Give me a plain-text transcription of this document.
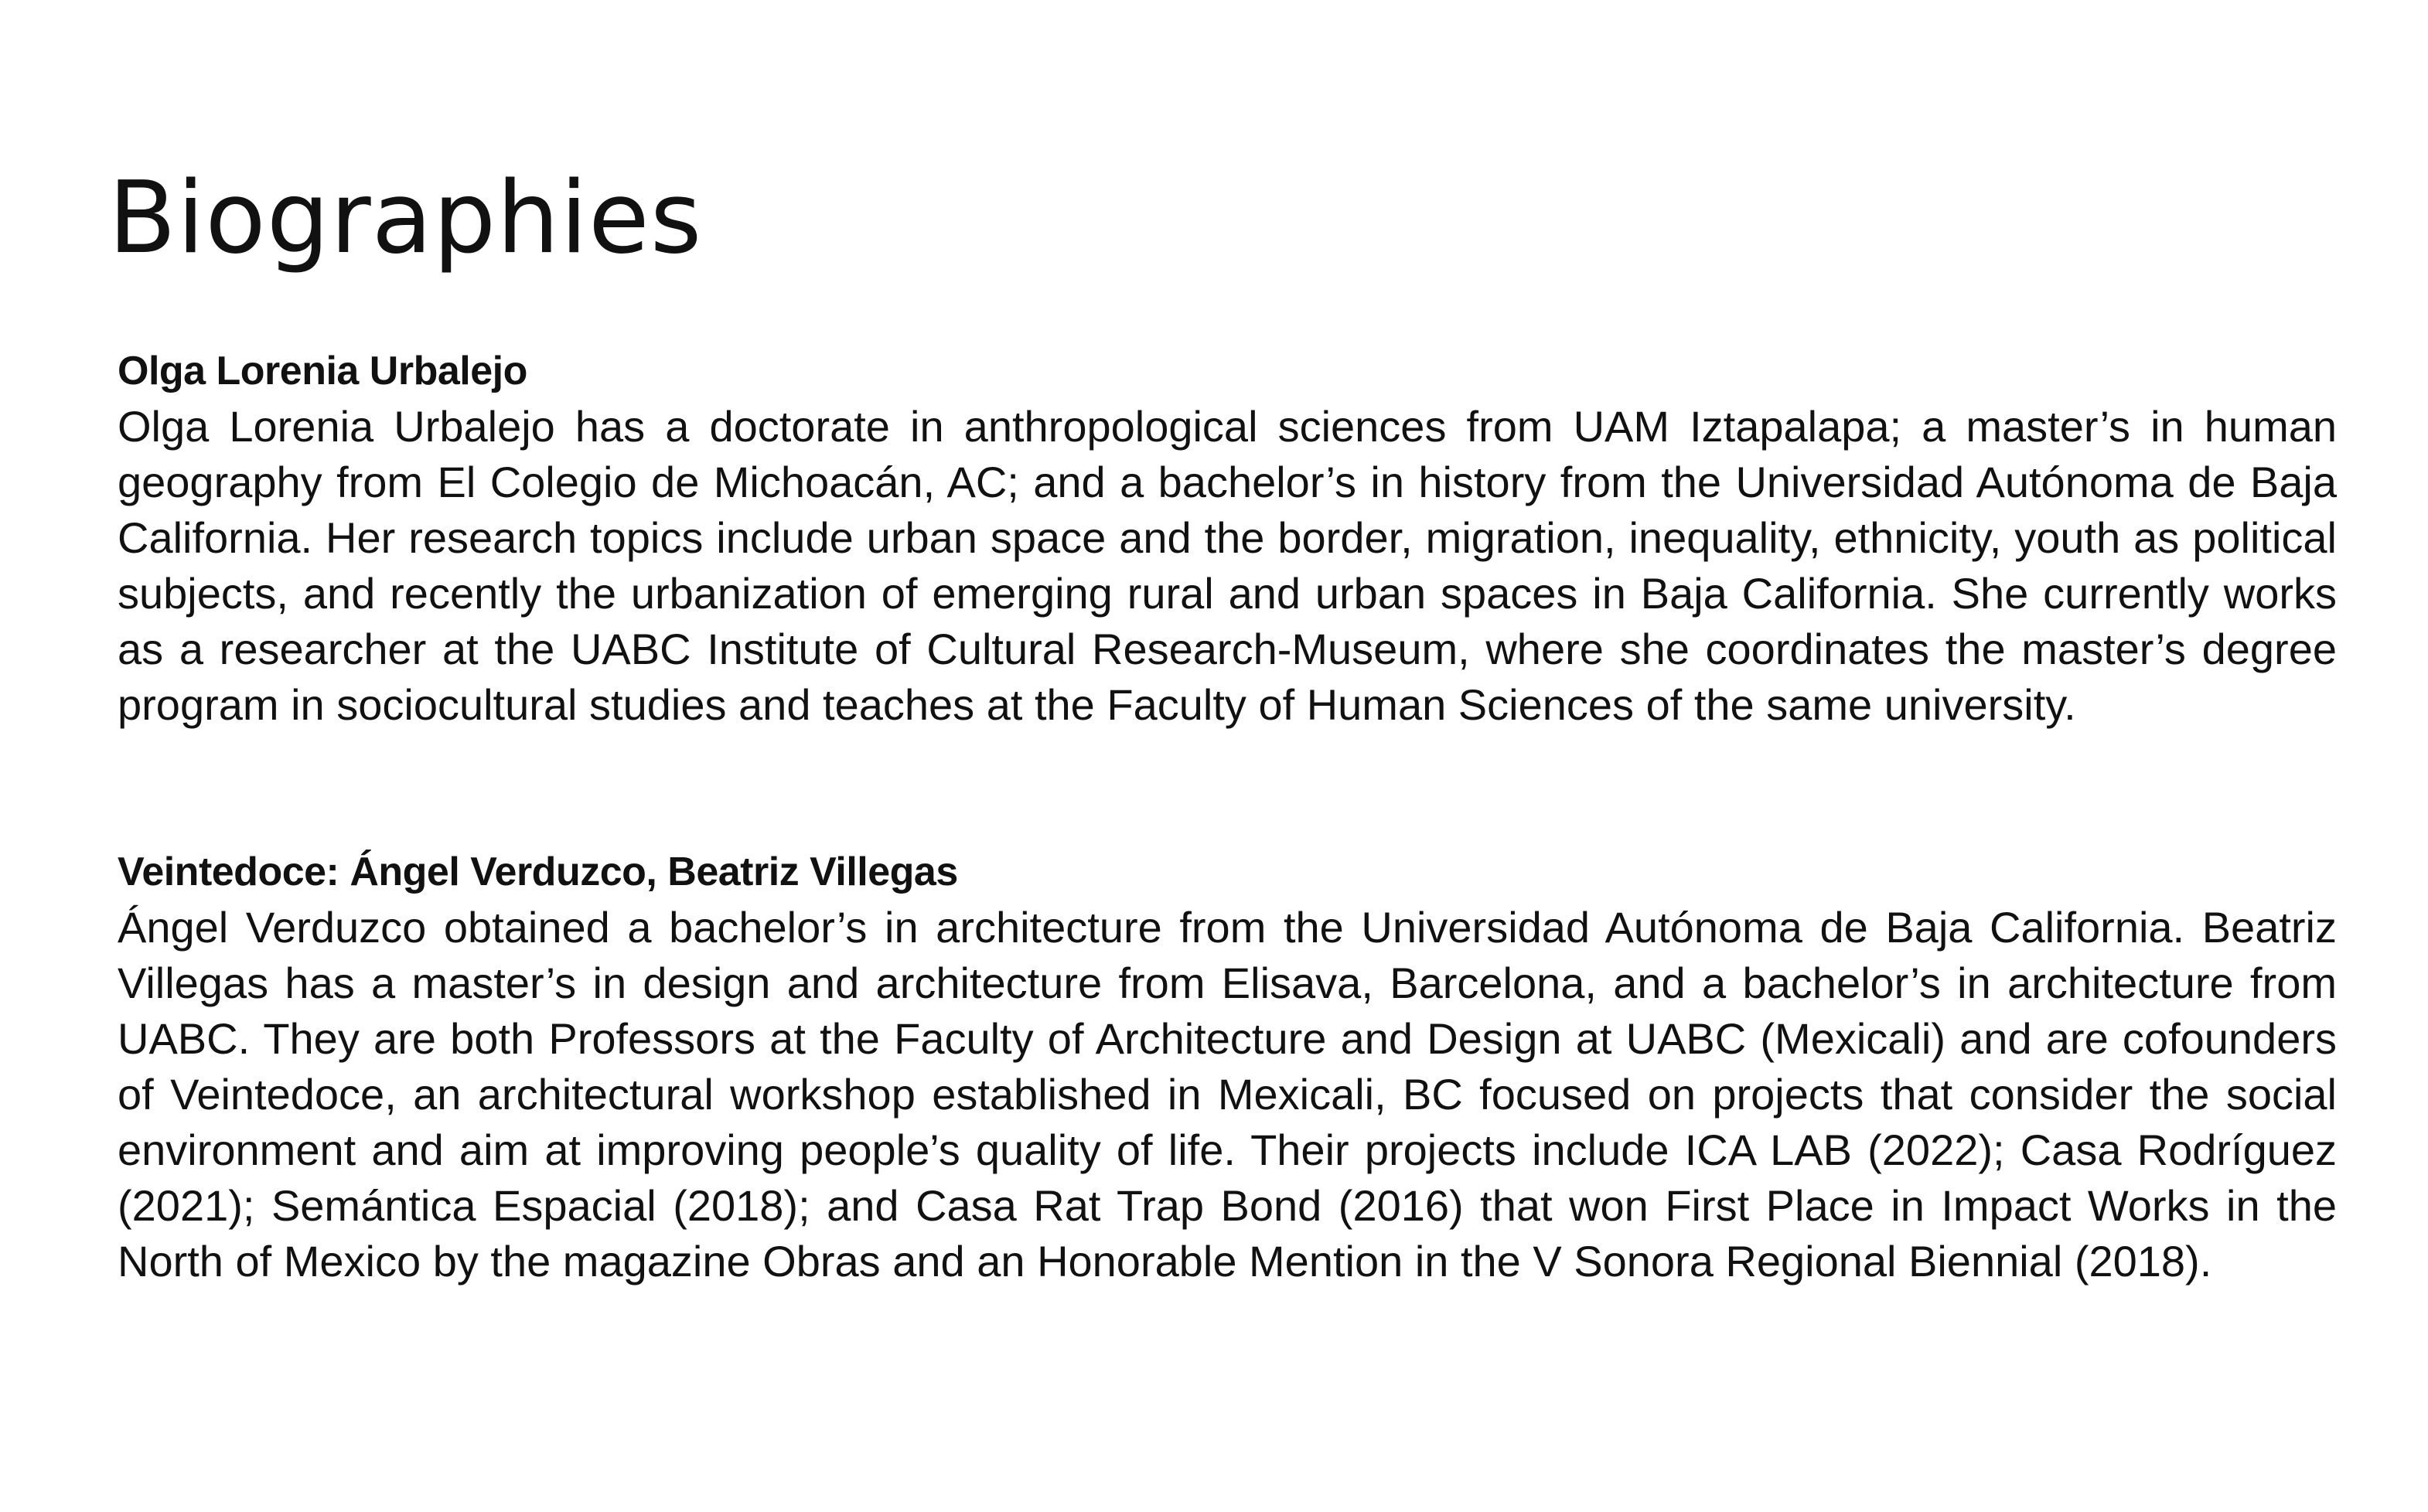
Biographies

Olga Lorenia Urbalejo

Olga Lorenia Urbalejo has a doctorate in anthropological sciences from UAM Iztapalapa; a master’s in human geography from El Colegio de Michoacán, AC; and a bachelor’s in history from the Universidad Autónoma de Baja California. Her research topics include urban space and the border, migration, inequality, ethnicity, youth as political subjects, and recently the urbanization of emerging rural and urban spaces in Baja California. She currently works as a researcher at the UABC Institute of Cultural Research-Museum, where she coordinates the master’s degree program in sociocultural studies and teaches at the Faculty of Human Sciences of the same university.

Veintedoce: Ángel Verduzco, Beatriz Villegas

Ángel Verduzco obtained a bachelor’s in architecture from the Universidad Autónoma de Baja California. Beatriz Villegas has a master’s in design and architecture from Elisava, Barcelona, and a bachelor’s in architecture from UABC. They are both Professors at the Faculty of Architecture and Design at UABC (Mexicali) and are cofounders of Veintedoce, an architectural workshop established in Mexicali, BC focused on projects that consider the social environment and aim at improving people’s quality of life. Their projects include ICA LAB (2022); Casa Rodríguez (2021); Semántica Espacial (2018); and Casa Rat Trap Bond (2016) that won First Place in Impact Works in the North of Mexico by the magazine Obras and an Honorable Mention in the V Sonora Regional Biennial (2018).
